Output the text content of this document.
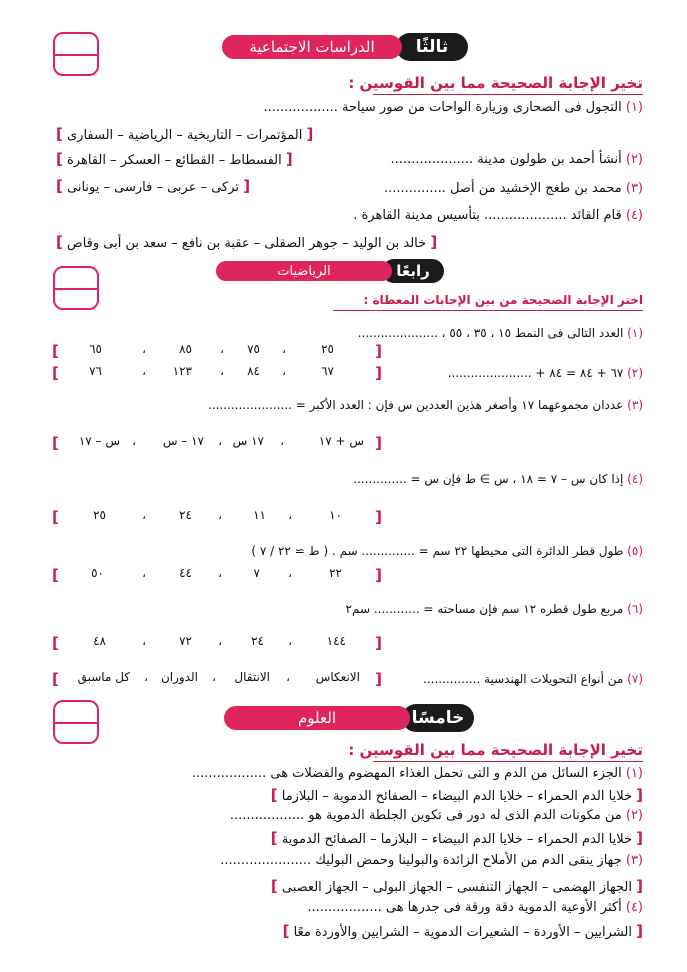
ثالثًا
الدراسات الاجتماعية
تخير الإجابة الصحيحة مما بين القوسين :
(١) التجول فى الصحارى وزيارة الواحات من صور سياحة ..................
[ المؤتمرات – التاريخية – الرياضية – السفارى ]
(٢) أنشأ أحمد بن طولون مدينة ....................
[ الفسطاط – القطائع – العسكر – القاهرة ]
(٣) محمد بن طغج الإخشيد من أصل ...............
[ تركى – عربى – فارسى – يونانى ]
(٤) قام القائد .................... بتأسيس مدينة القاهرة .
[ خالد بن الوليد – جوهر الصقلى – عقبة بن نافع – سعد بن أبى وقاص ]
رابعًا
الرياضيات
اختر الإجابة الصحيحة من بين الإجابات المعطاة :
(١) العدد التالى فى النمط ١٥ ، ٣٥ ، ٥٥ ، .....................
[
٢٥
،
٧٥
،
٨٥
،
٦٥
]
(٢) ٦٧ + ٨٤ = ٨٤ + ......................
[
٦٧
،
٨٤
،
١٢٣
،
٧٦
]
(٣) عددان مجموعهما ١٧ وأصغر هذين العددين س فإن : العدد الأكبر = ......................
[
س + ١٧
،
١٧ س
،
١٧ – س
،
س – ١٧
]
(٤) إذا كان س – ٧ = ١٨ ، س ∋ ط فإن س = ..............
[
١٠
،
١١
،
٢٤
،
٢٥
]
(٥) طول قطر الدائرة التى محيطها ٢٢ سم = .............. سم . ( ط ≃ ٢٢ / ٧ )
[
٢٢
،
٧
،
٤٤
،
٥٠
]
(٦) مربع طول قطره ١٢ سم فإن مساحته = ............ سم٢
[
١٤٤
،
٢٤
،
٧٢
،
٤٨
]
(٧) من أنواع التحويلات الهندسية ...............
[
الانعكاس
،
الانتقال
،
الدوران
،
كل ماسبق
]
خامسًا
العلوم
تخير الإجابة الصحيحة مما بين القوسين :
(١) الجزء السائل من الدم و التى تحمل الغذاء المهضوم والفضلات هى ..................
[ خلايا الدم الحمراء – خلايا الدم البيضاء – الصفائح الدموية – البلازما ]
(٢) من مكونات الدم الذى له دور فى تكوين الجلطة الدموية هو ..................
[ خلايا الدم الحمراء – خلايا الدم البيضاء – البلازما – الصفائح الدموية ]
(٣) جهاز ينقى الدم من الأملاح الزائدة والبولينا وحمض البوليك ......................
[ الجهاز الهضمى – الجهاز التنفسى – الجهاز البولى – الجهاز العصبى ]
(٤) أكثر الأوعية الدموية دقة ورقة فى جدرها هى ..................
[ الشرايين – الأوردة – الشعيرات الدموية – الشرايين والأوردة معًا ]
